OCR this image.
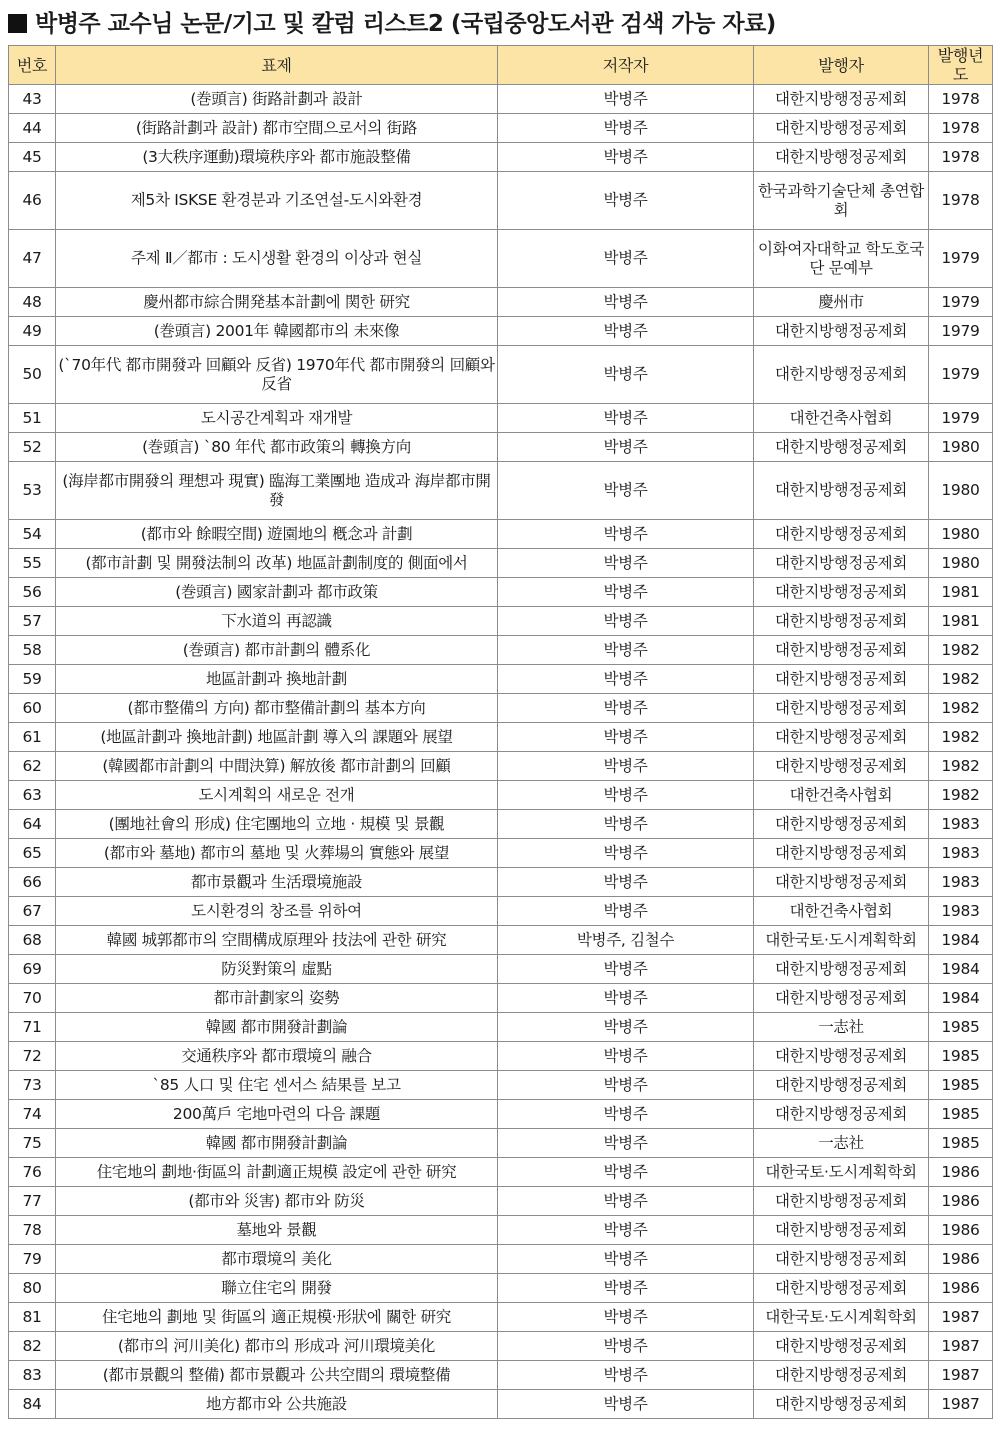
박병주 교수님 논문/기고 및 칼럼 리스트2 (국립중앙도서관 검색 가능 자료)
번호	표제	저작자	발행자	발행년도
43	(巻頭言) 街路計劃과 設計	박병주	대한지방행정공제회	1978
44	(街路計劃과 設計) 都市空間으로서의 街路	박병주	대한지방행정공제회	1978
45	(3大秩序運動)環境秩序와 都市施設整備	박병주	대한지방행정공제회	1978
46	제5차 ISKSE 환경분과 기조연설-도시와환경	박병주	한국과학기술단체 총연합회	1978
47	주제 Ⅱ／都市 : 도시생활 환경의 이상과 현실	박병주	이화여자대학교 학도호국단 문예부	1979
48	慶州都市綜合開発基本計劃에 関한 研究	박병주	慶州市	1979
49	(巻頭言) 2001年 韓國都市의 未來像	박병주	대한지방행정공제회	1979
50	(`70年代 都市開發과 回顧와 反省) 1970年代 都市開發의 回顧와 反省	박병주	대한지방행정공제회	1979
51	도시공간계획과 재개발	박병주	대한건축사협회	1979
52	(巻頭言) `80 年代 都市政策의 轉換方向	박병주	대한지방행정공제회	1980
53	(海岸都市開發의 理想과 現實) 臨海工業團地 造成과 海岸都市開發	박병주	대한지방행정공제회	1980
54	(都市와 餘暇空間) 遊園地의 槪念과 計劃	박병주	대한지방행정공제회	1980
55	(都市計劃 및 開發法制의 改革) 地區計劃制度的 側面에서	박병주	대한지방행정공제회	1980
56	(巻頭言) 國家計劃과 都市政策	박병주	대한지방행정공제회	1981
57	下水道의 再認識	박병주	대한지방행정공제회	1981
58	(巻頭言) 都市計劃의 體系化	박병주	대한지방행정공제회	1982
59	地區計劃과 換地計劃	박병주	대한지방행정공제회	1982
60	(都市整備의 方向) 都市整備計劃의 基本方向	박병주	대한지방행정공제회	1982
61	(地區計劃과 換地計劃) 地區計劃 導入의 課題와 展望	박병주	대한지방행정공제회	1982
62	(韓國都市計劃의 中間決算) 解放後 都市計劃의 回顧	박병주	대한지방행정공제회	1982
63	도시계획의 새로운 전개	박병주	대한건축사협회	1982
64	(團地社會의 形成) 住宅團地의 立地 · 規模 및 景觀	박병주	대한지방행정공제회	1983
65	(都市와 墓地) 都市의 墓地 및 火葬場의 實態와 展望	박병주	대한지방행정공제회	1983
66	都市景觀과 生活環境施設	박병주	대한지방행정공제회	1983
67	도시환경의 창조를 위하여	박병주	대한건축사협회	1983
68	韓國 城郭都市의 空間構成原理와 技法에 관한 研究	박병주, 김철수	대한국토·도시계획학회	1984
69	防災對策의 虛點	박병주	대한지방행정공제회	1984
70	都市計劃家의 姿勢	박병주	대한지방행정공제회	1984
71	韓國 都市開發計劃論	박병주	一志社	1985
72	交通秩序와 都市環境의 融合	박병주	대한지방행정공제회	1985
73	`85 人口 및 住宅 센서스 結果를 보고	박병주	대한지방행정공제회	1985
74	200萬戶 宅地마련의 다음 課題	박병주	대한지방행정공제회	1985
75	韓國 都市開發計劃論	박병주	一志社	1985
76	住宅地의 劃地·街區의 計劃適正規模 設定에 관한 研究	박병주	대한국토·도시계획학회	1986
77	(都市와 災害) 都市와 防災	박병주	대한지방행정공제회	1986
78	墓地와 景觀	박병주	대한지방행정공제회	1986
79	都市環境의 美化	박병주	대한지방행정공제회	1986
80	聯立住宅의 開發	박병주	대한지방행정공제회	1986
81	住宅地의 劃地 및 街區의 適正規模·形狀에 關한 研究	박병주	대한국토·도시계획학회	1987
82	(都市의 河川美化) 都市의 形成과 河川環境美化	박병주	대한지방행정공제회	1987
83	(都市景觀의 整備) 都市景觀과 公共空間의 環境整備	박병주	대한지방행정공제회	1987
84	地方都市와 公共施設	박병주	대한지방행정공제회	1987
